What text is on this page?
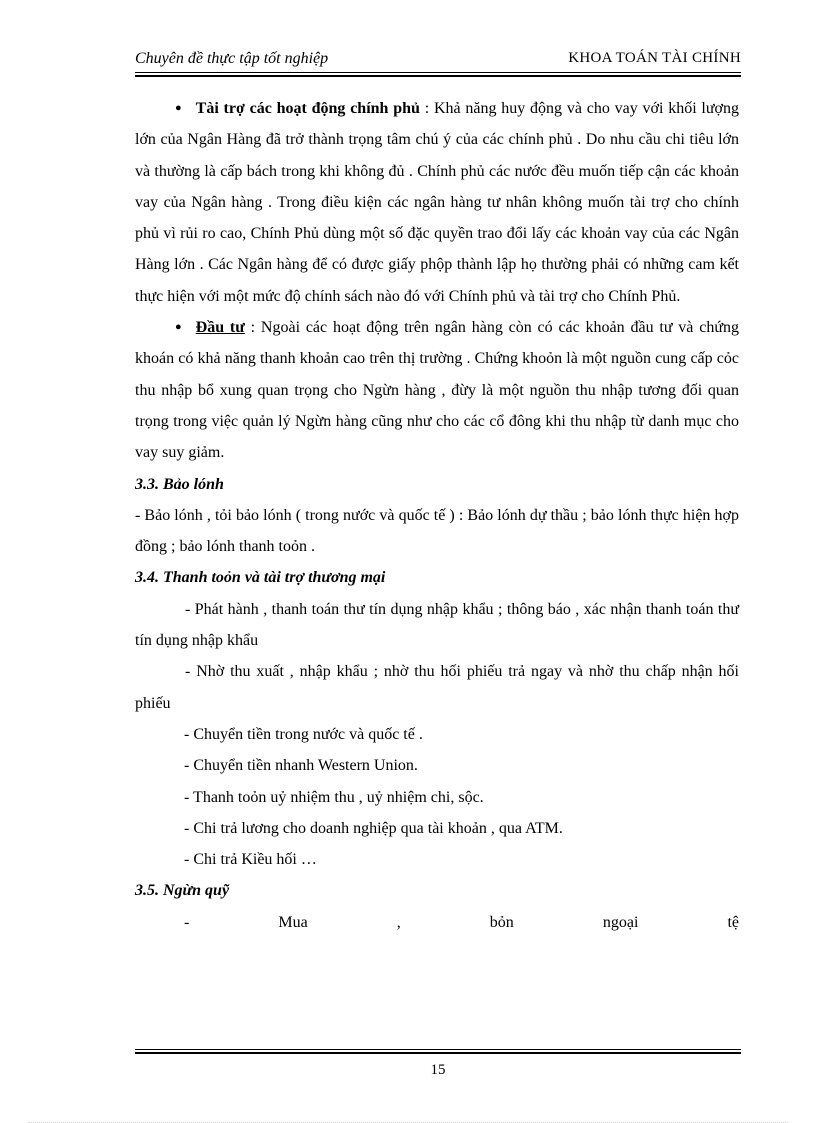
Chuyên đề thực tập tốt nghiệp	KHOA TOÁN TÀI CHÍNH

● Tài trợ các hoạt động chính phủ : Khả năng huy động và cho vay với khối lượng lớn của Ngân Hàng đã trở thành trọng tâm chú ý của các chính phủ . Do nhu cầu chi tiêu lớn và thường là cấp bách trong khi không đủ . Chính phủ các nước đều muốn tiếp cận các khoản vay của Ngân hàng . Trong điều kiện các ngân hàng tư nhân không muốn tài trợ cho chính phủ vì rủi ro cao, Chính Phủ dùng một số đặc quyền trao đổi lấy các khoản vay của các Ngân Hàng lớn . Các Ngân hàng để có được giấy phộp thành lập họ thường phải có những cam kết thực hiện với một mức độ chính sách nào đó với Chính phủ và tài trợ cho Chính Phủ.

● Đầu tư : Ngoài các hoạt động trên ngân hàng còn có các khoản đầu tư và chứng khoán có khả năng thanh khoản cao trên thị trường . Chứng khoỏn là một nguồn cung cấp cỏc thu nhập bổ xung quan trọng cho Ngừn hàng , đừy là một nguồn thu nhập tương đối quan trọng trong việc quản lý Ngừn hàng cũng như cho các cổ đông khi thu nhập từ danh mục cho vay suy giảm.

3.3. Bảo lónh

- Bảo lónh , tỏi bảo lónh ( trong nước và quốc tế ) : Bảo lónh dự thầu ; bảo lónh thực hiện hợp đồng ; bảo lónh thanh toỏn .

3.4. Thanh toỏn và tài trợ thương mại

- Phát hành , thanh toán thư tín dụng nhập khẩu ; thông báo , xác nhận thanh toán thư tín dụng nhập khẩu

- Nhờ thu xuất , nhập khẩu ; nhờ thu hối phiếu trả ngay và nhờ thu chấp nhận hối phiếu

- Chuyển tiền trong nước và quốc tế .

- Chuyển tiền nhanh Western Union.

- Thanh toỏn uỷ nhiệm thu , uỷ nhiệm chi, sộc.

- Chi trả lương cho doanh nghiệp qua tài khoản , qua ATM.

- Chi trả Kiều hối …

3.5. Ngừn quỹ

- Mua , bỏn ngoại tệ

15
